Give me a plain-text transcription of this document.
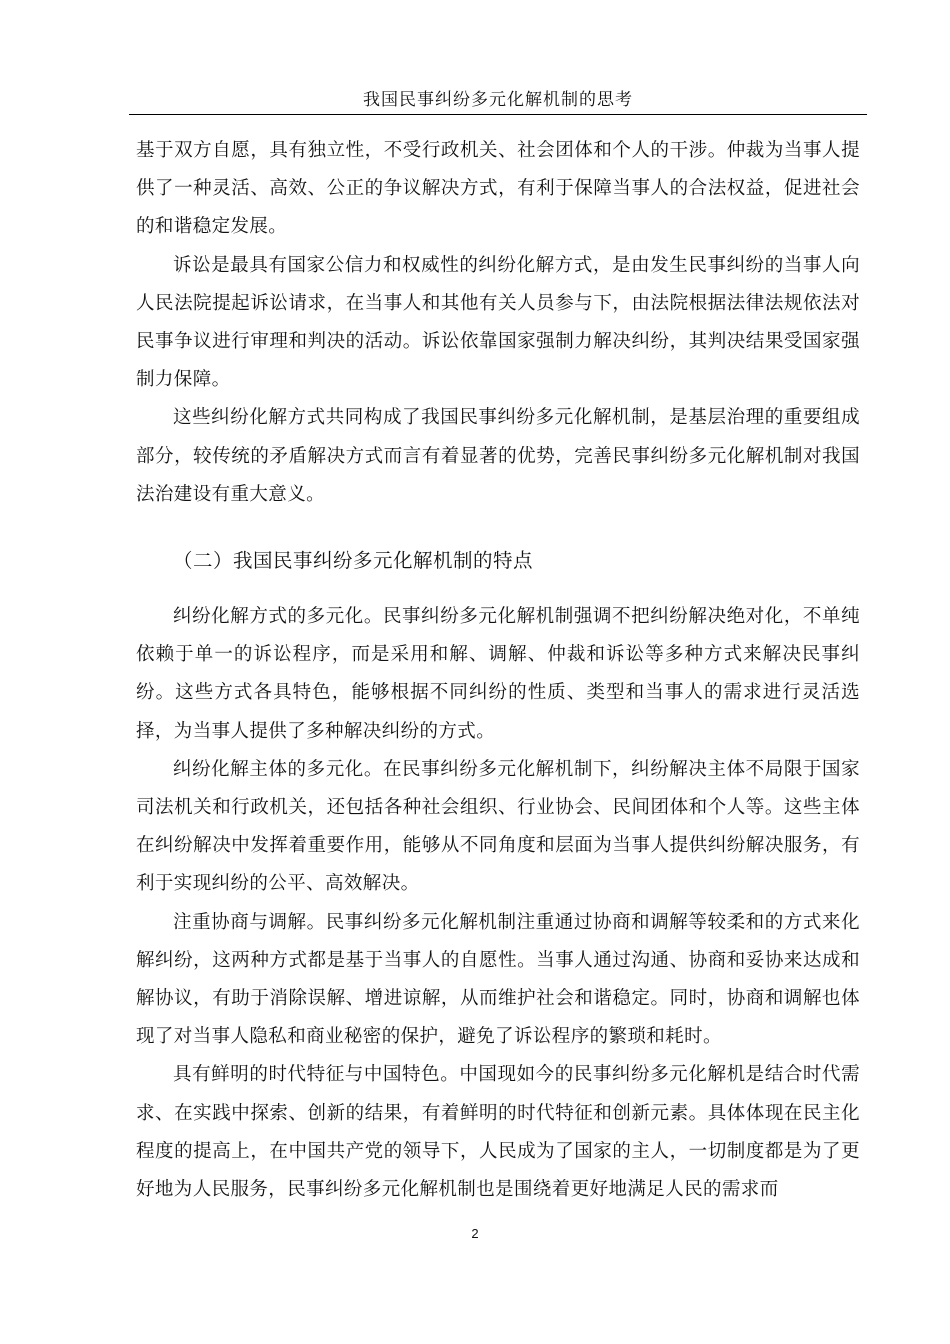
我国民事纠纷多元化解机制的思考

基于双方自愿，具有独立性，不受行政机关、社会团体和个人的干涉。仲裁为当事人提供了一种灵活、高效、公正的争议解决方式，有利于保障当事人的合法权益，促进社会的和谐稳定发展。

诉讼是最具有国家公信力和权威性的纠纷化解方式，是由发生民事纠纷的当事人向人民法院提起诉讼请求，在当事人和其他有关人员参与下，由法院根据法律法规依法对民事争议进行审理和判决的活动。诉讼依靠国家强制力解决纠纷，其判决结果受国家强制力保障。

这些纠纷化解方式共同构成了我国民事纠纷多元化解机制，是基层治理的重要组成部分，较传统的矛盾解决方式而言有着显著的优势，完善民事纠纷多元化解机制对我国法治建设有重大意义。

（二）我国民事纠纷多元化解机制的特点

纠纷化解方式的多元化。民事纠纷多元化解机制强调不把纠纷解决绝对化，不单纯依赖于单一的诉讼程序，而是采用和解、调解、仲裁和诉讼等多种方式来解决民事纠纷。这些方式各具特色，能够根据不同纠纷的性质、类型和当事人的需求进行灵活选择，为当事人提供了多种解决纠纷的方式。

纠纷化解主体的多元化。在民事纠纷多元化解机制下，纠纷解决主体不局限于国家司法机关和行政机关，还包括各种社会组织、行业协会、民间团体和个人等。这些主体在纠纷解决中发挥着重要作用，能够从不同角度和层面为当事人提供纠纷解决服务，有利于实现纠纷的公平、高效解决。

注重协商与调解。民事纠纷多元化解机制注重通过协商和调解等较柔和的方式来化解纠纷，这两种方式都是基于当事人的自愿性。当事人通过沟通、协商和妥协来达成和解协议，有助于消除误解、增进谅解，从而维护社会和谐稳定。同时，协商和调解也体现了对当事人隐私和商业秘密的保护，避免了诉讼程序的繁琐和耗时。

具有鲜明的时代特征与中国特色。中国现如今的民事纠纷多元化解机是结合时代需求、在实践中探索、创新的结果，有着鲜明的时代特征和创新元素。具体体现在民主化程度的提高上，在中国共产党的领导下，人民成为了国家的主人，一切制度都是为了更好地为人民服务，民事纠纷多元化解机制也是围绕着更好地满足人民的需求而

2
